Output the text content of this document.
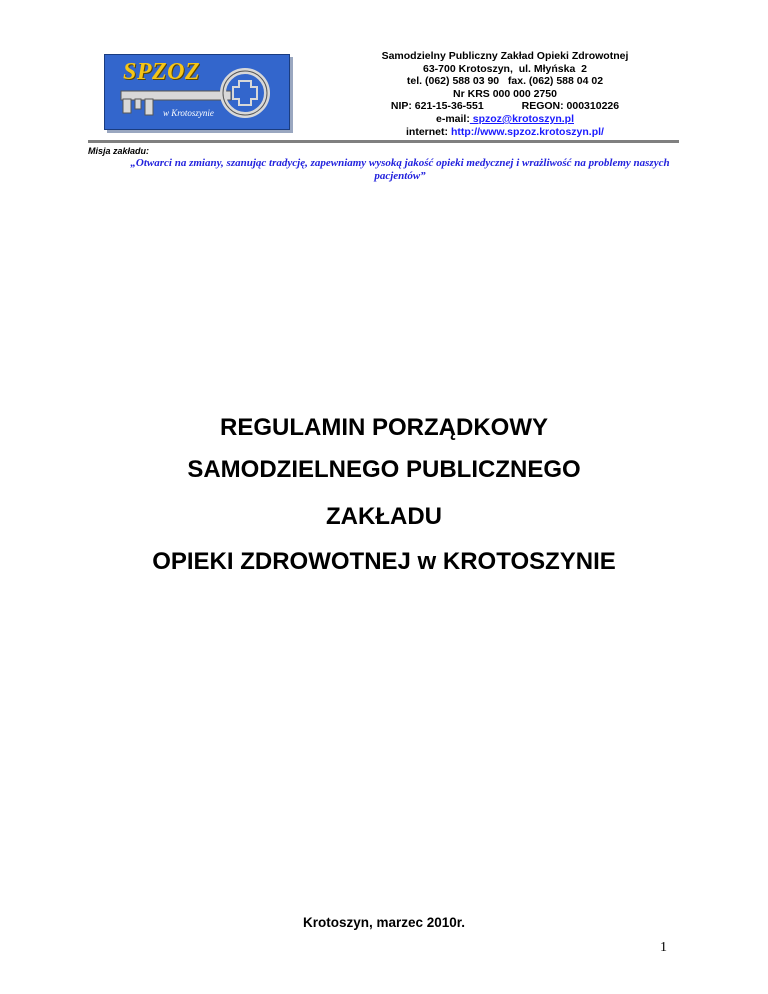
SPZOZ
w Krotoszynie
Samodzielny Publiczny Zakład Opieki Zdrowotnej
63-700 Krotoszyn,  ul. Młyńska  2
tel. (062) 588 03 90   fax. (062) 588 04 02
Nr KRS 000 000 2750
NIP: 621-15-36-551	REGON: 000310226
e-mail: spzoz@krotoszyn.pl
internet: http://www.spzoz.krotoszyn.pl/
Misja zakładu:
„Otwarci na zmiany, szanując tradycję, zapewniamy wysoką jakość opieki medycznej i wrażliwość na problemy naszych pacjentów”
REGULAMIN PORZĄDKOWY
SAMODZIELNEGO PUBLICZNEGO
ZAKŁADU
OPIEKI ZDROWOTNEJ w KROTOSZYNIE
Krotoszyn, marzec 2010r.
1
